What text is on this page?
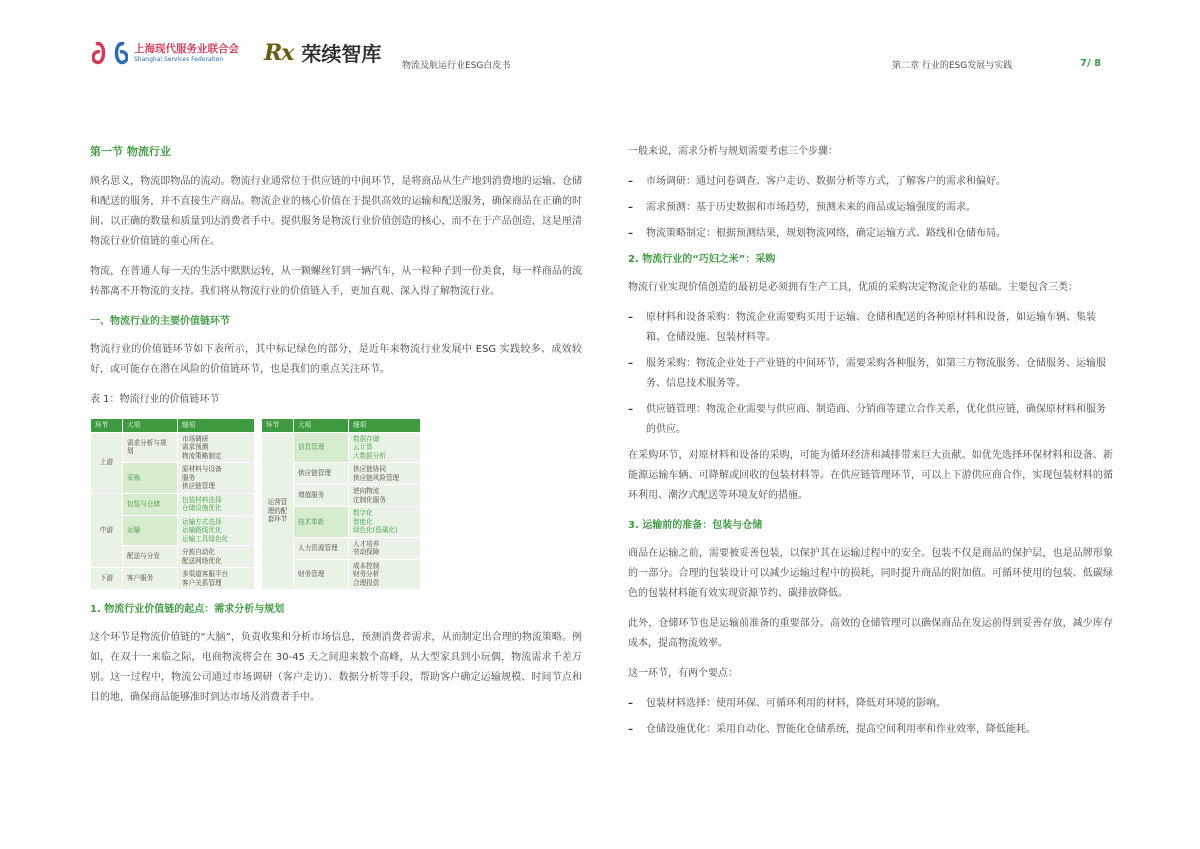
上海现代服务业联合会
Shanghai Services Federation	Rx 荣续智库 物流及航运行业ESG白皮书	第二章 行业的ESG发展与实践	7/ 8
第一节 物流行业
顾名思义，物流即物品的流动。物流行业通常位于供应链的中间环节，是将商品从生产地到消费地的运输、仓储和配送的服务，并不直接生产商品。物流企业的核心价值在于提供高效的运输和配送服务，确保商品在正确的时间、以正确的数量和质量到达消费者手中。提供服务是物流行业价值创造的核心，而不在于产品创造，这是厘清物流行业价值链的重心所在。
物流，在普通人每一天的生活中默默运转，从一颗螺丝钉到一辆汽车，从一粒种子到一份美食，每一样商品的流转都离不开物流的支持。我们将从物流行业的价值链入手，更加直观、深入得了解物流行业。
一、物流行业的主要价值链环节
物流行业的价值链环节如下表所示，其中标记绿色的部分，是近年来物流行业发展中 ESG 实践较多、成效较好，或可能存在潜在风险的价值链环节，也是我们的重点关注环节。
表 1：物流行业的价值链环节
环节	大项	细项
上游	需求分析与规划	市场调研
需求预测
物流策略制定

	采购	原材料与设备
服务
供应链管理

中游	包装与仓储	包装材料选择
仓储设施优化

	运输	运输方式选择
运输路线优化
运输工具绿色化

	配送与分发	分拣自动化
配送网络优化

下游	客户服务	多渠道客服平台
客户关系管理
环节	大项	细项
运营管理的配套环节	信息管理	数据存储
云计算
大数据分析

	供应链管理	供应链协同
供应链风险管理

	增值服务	逆向物流
定制化服务

	技术革新	数字化
智能化
绿色化(低碳化)

	人力资源管理	人才培养
劳动保障

	财务管理	成本控制
财务分析
合理投资
1. 物流行业价值链的起点：需求分析与规划
这个环节是物流价值链的“大脑”，负责收集和分析市场信息，预测消费者需求，从而制定出合理的物流策略。例如，在双十一来临之际，电商物流将会在 30-45 天之间迎来数个高峰，从大型家具到小玩偶，物流需求千差万别。这一过程中，物流公司通过市场调研（客户走访）、数据分析等手段，帮助客户确定运输规模、时间节点和目的地，确保商品能够准时到达市场及消费者手中。
一般来说，需求分析与规划需要考虑三个步骤：
–	市场调研：通过问卷调查、客户走访、数据分析等方式，了解客户的需求和偏好。
–	需求预测：基于历史数据和市场趋势，预测未来的商品或运输强度的需求。
–	物流策略制定：根据预测结果，规划物流网络，确定运输方式、路线和仓储布局。
2. 物流行业的“巧妇之米”：采购
物流行业实现价值创造的最初是必须拥有生产工具，优质的采购决定物流企业的基础。主要包含三类：
–	原材料和设备采购：物流企业需要购买用于运输、仓储和配送的各种原材料和设备，如运输车辆、集装箱、仓储设施、包装材料等。
–	服务采购：物流企业处于产业链的中间环节，需要采购各种服务，如第三方物流服务、仓储服务、运输服务、信息技术服务等。
–	供应链管理：物流企业需要与供应商、制造商、分销商等建立合作关系，优化供应链，确保原材料和服务的供应。
在采购环节，对原材料和设备的采购，可能为循环经济和减排带来巨大贡献。如优先选择环保材料和设备、新能源运输车辆、可降解或回收的包装材料等。在供应链管理环节，可以上下游供应商合作，实现包装材料的循环利用、潮汐式配送等环境友好的措施。
3. 运输前的准备：包装与仓储
商品在运输之前，需要被妥善包装，以保护其在运输过程中的安全。包装不仅是商品的保护层，也是品牌形象的一部分。合理的包装设计可以减少运输过程中的损耗，同时提升商品的附加值。可循环使用的包装、低碳绿色的包装材料能有效实现资源节约、碳排放降低。
此外，仓储环节也是运输前准备的重要部分。高效的仓储管理可以确保商品在发运前得到妥善存放，减少库存成本，提高物流效率。
这一环节，有两个要点：
–	包装材料选择：使用环保、可循环利用的材料，降低对环境的影响。
–	仓储设施优化：采用自动化、智能化仓储系统，提高空间利用率和作业效率，降低能耗。
